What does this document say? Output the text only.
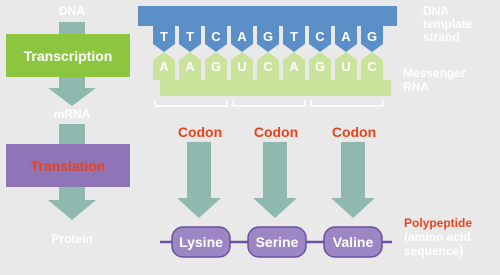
DNA
Transcription
mRNA
Translation
Protein
T	T	C	A	G	T	C	A	G
A	A	G	U	C	A	G	U	C
DNA
template
strand
Messenger
RNA
Codon	Codon	Codon
Lysine	Serine	Valine
Polypeptide
(amino acid
sequence)
